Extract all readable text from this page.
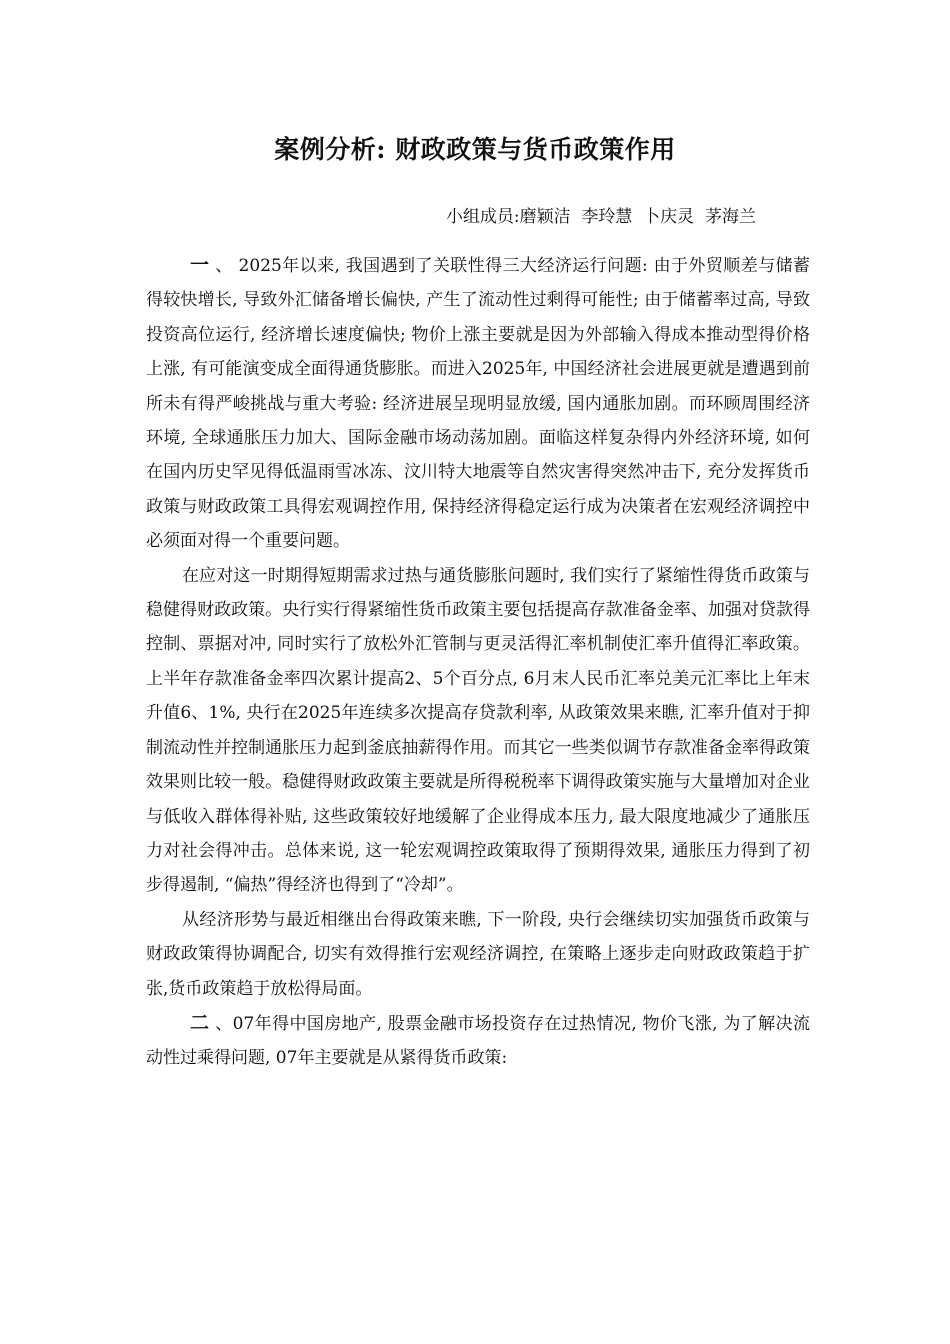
案例分析: 财政政策与货币政策作用

小组成员:磨颖洁  李玲慧  卜庆灵  茅海兰

一 、 2025年以来, 我国遇到了关联性得三大经济运行问题: 由于外贸顺差与储蓄得较快增长, 导致外汇储备增长偏快, 产生了流动性过剩得可能性; 由于储蓄率过高, 导致投资高位运行, 经济增长速度偏快; 物价上涨主要就是因为外部输入得成本推动型得价格上涨, 有可能演变成全面得通货膨胀。而进入2025年, 中国经济社会进展更就是遭遇到前所未有得严峻挑战与重大考验: 经济进展呈现明显放缓, 国内通胀加剧。而环顾周围经济环境, 全球通胀压力加大、国际金融市场动荡加剧。面临这样复杂得内外经济环境, 如何在国内历史罕见得低温雨雪冰冻、汶川特大地震等自然灾害得突然冲击下, 充分发挥货币政策与财政政策工具得宏观调控作用, 保持经济得稳定运行成为决策者在宏观经济调控中必须面对得一个重要问题。

在应对这一时期得短期需求过热与通货膨胀问题时, 我们实行了紧缩性得货币政策与稳健得财政政策。央行实行得紧缩性货币政策主要包括提高存款准备金率、加强对贷款得控制、票据对冲, 同时实行了放松外汇管制与更灵活得汇率机制使汇率升值得汇率政策。上半年存款准备金率四次累计提高2、5个百分点, 6月末人民币汇率兑美元汇率比上年末升值6、1%, 央行在2025年连续多次提高存贷款利率, 从政策效果来瞧, 汇率升值对于抑制流动性并控制通胀压力起到釜底抽薪得作用。而其它一些类似调节存款准备金率得政策效果则比较一般。稳健得财政政策主要就是所得税税率下调得政策实施与大量增加对企业与低收入群体得补贴, 这些政策较好地缓解了企业得成本压力, 最大限度地减少了通胀压力对社会得冲击。总体来说, 这一轮宏观调控政策取得了预期得效果, 通胀压力得到了初步得遏制, “偏热”得经济也得到了“冷却”。

从经济形势与最近相继出台得政策来瞧, 下一阶段, 央行会继续切实加强货币政策与财政政策得协调配合, 切实有效得推行宏观经济调控, 在策略上逐步走向财政政策趋于扩张,货币政策趋于放松得局面。

二 、07年得中国房地产, 股票金融市场投资存在过热情况, 物价飞涨, 为了解决流动性过乘得问题, 07年主要就是从紧得货币政策:
